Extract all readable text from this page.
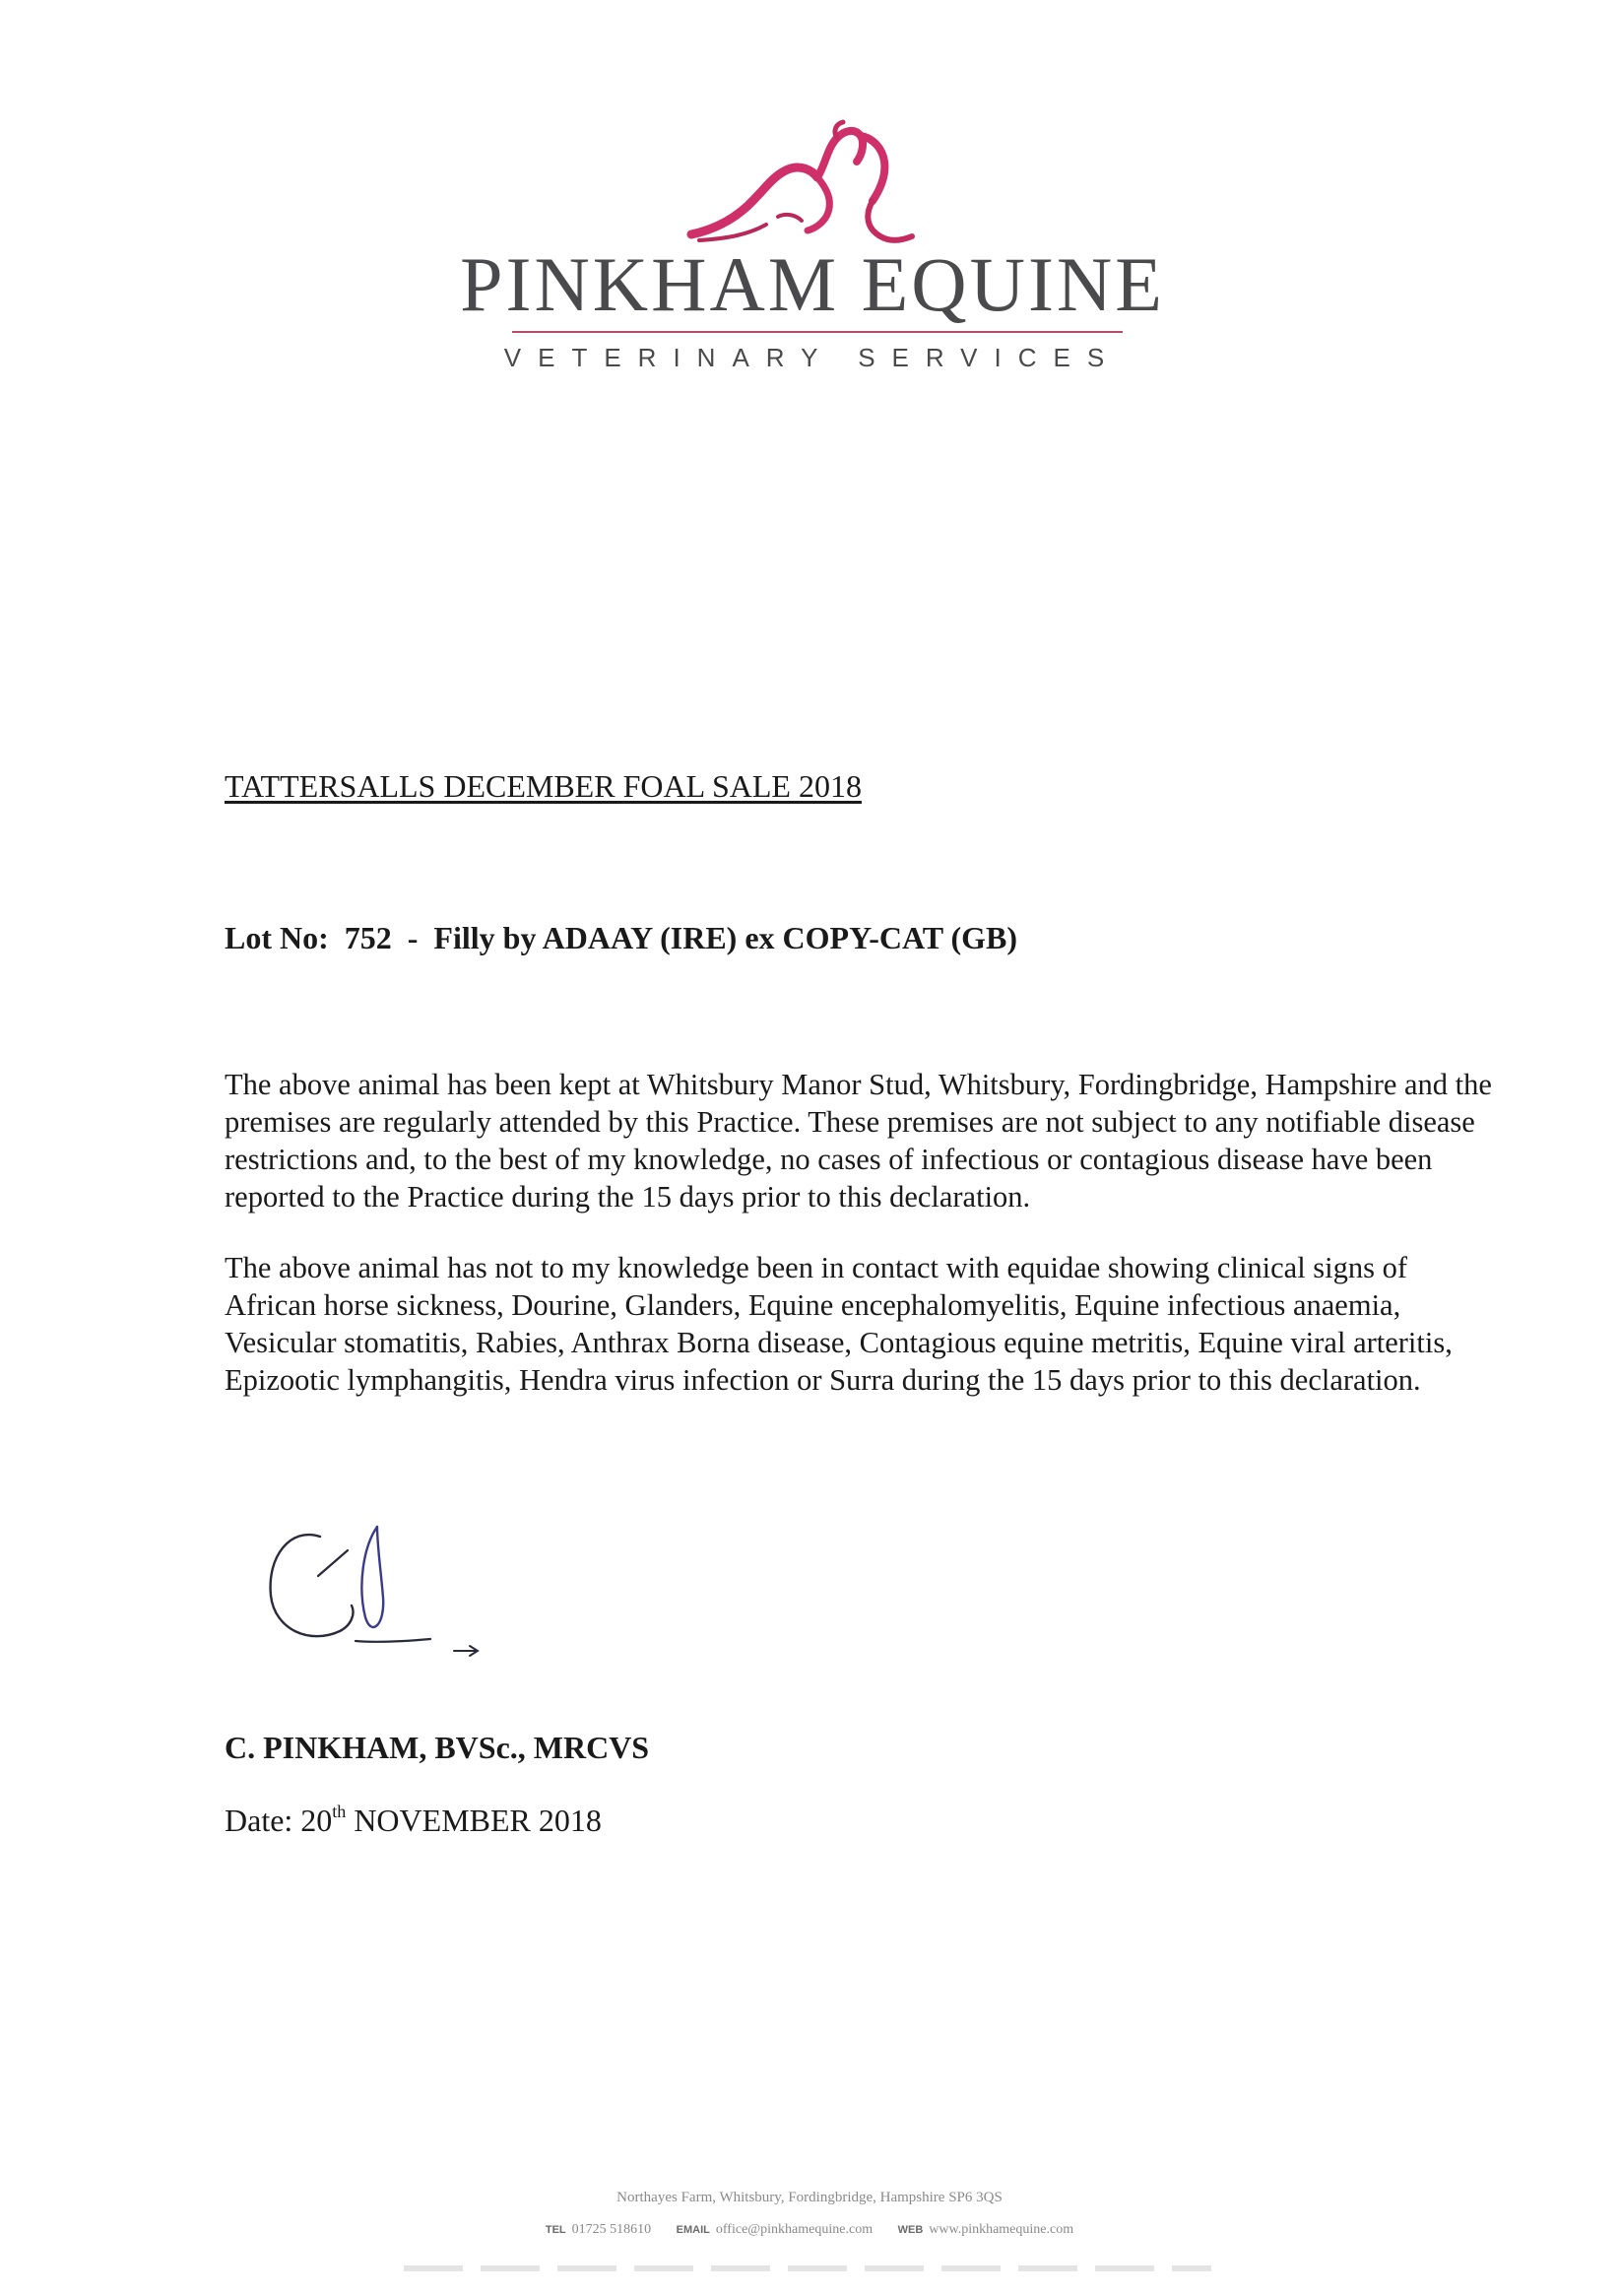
PINKHAM EQUINE
VETERINARY SERVICES
TATTERSALLS DECEMBER FOAL SALE 2018
Lot No:  752  -  Filly by ADAAY (IRE) ex COPY-CAT (GB)

The above animal has been kept at Whitsbury Manor Stud, Whitsbury, Fordingbridge, Hampshire and the premises are regularly attended by this Practice. These premises are not subject to any notifiable disease restrictions and, to the best of my knowledge, no cases of infectious or contagious disease have been reported to the Practice during the 15 days prior to this declaration.

The above animal has not to my knowledge been in contact with equidae showing clinical signs of African horse sickness, Dourine, Glanders, Equine encephalomyelitis, Equine infectious anaemia, Vesicular stomatitis, Rabies, Anthrax Borna disease, Contagious equine metritis, Equine viral arteritis, Epizootic lymphangitis, Hendra virus infection or Surra during the 15 days prior to this declaration.

C. PINKHAM, BVSc., MRCVS
Date: 20th NOVEMBER 2018
Northayes Farm, Whitsbury, Fordingbridge, Hampshire SP6 3QS
TEL 01725 518610 EMAIL office@pinkhamequine.com WEB www.pinkhamequine.com
